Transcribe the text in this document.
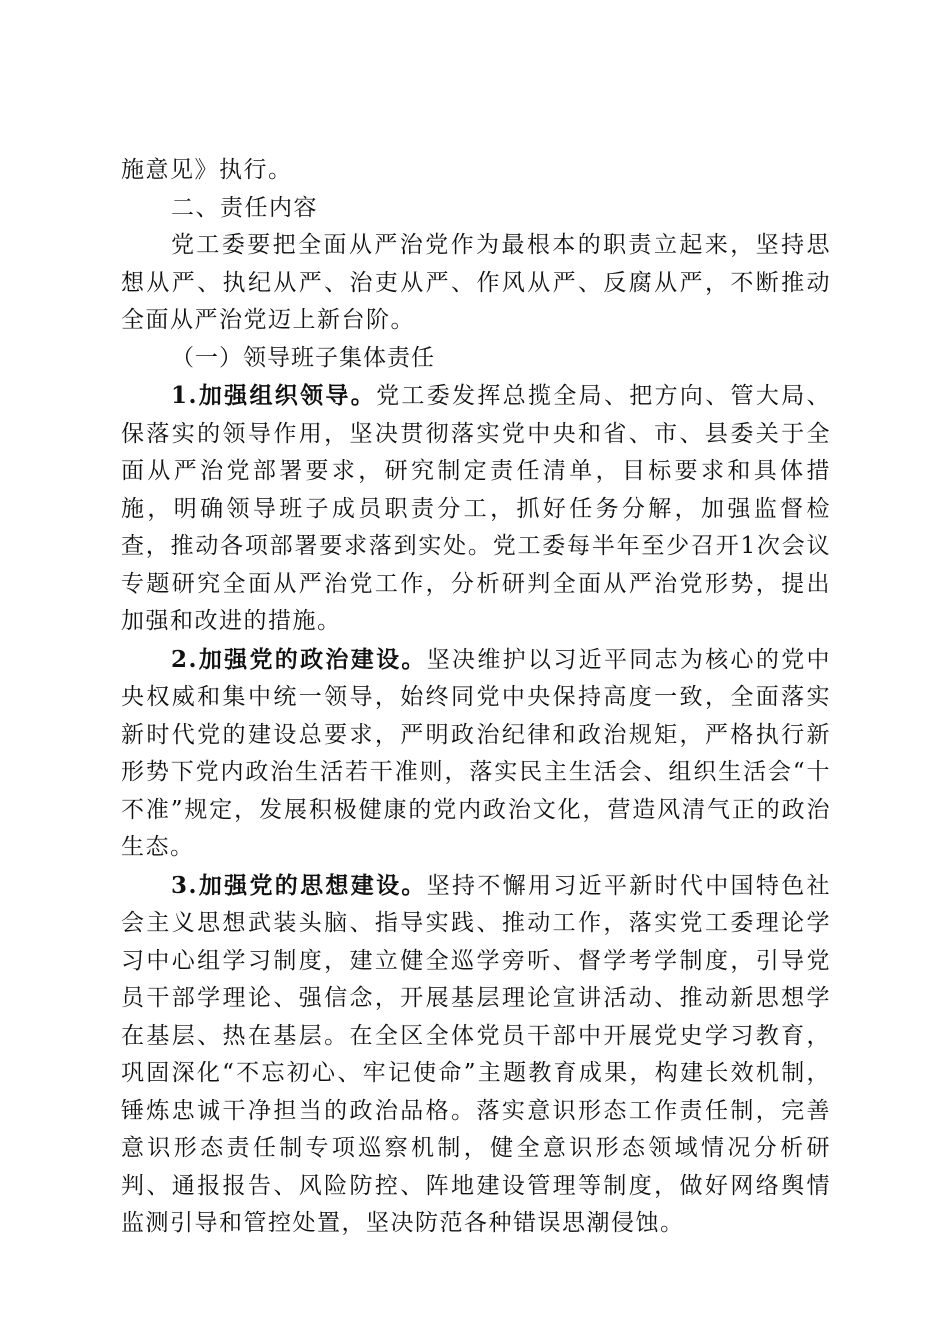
施意见》执行。

二、责任内容

党工委要把全面从严治党作为最根本的职责立起来，坚持思想从严、执纪从严、治吏从严、作风从严、反腐从严，不断推动全面从严治党迈上新台阶。

（一）领导班子集体责任

1.加强组织领导。党工委发挥总揽全局、把方向、管大局、保落实的领导作用，坚决贯彻落实党中央和省、市、县委关于全面从严治党部署要求，研究制定责任清单，目标要求和具体措施，明确领导班子成员职责分工，抓好任务分解，加强监督检查，推动各项部署要求落到实处。党工委每半年至少召开1次会议专题研究全面从严治党工作，分析研判全面从严治党形势，提出加强和改进的措施。

2.加强党的政治建设。坚决维护以习近平同志为核心的党中央权威和集中统一领导，始终同党中央保持高度一致，全面落实新时代党的建设总要求，严明政治纪律和政治规矩，严格执行新形势下党内政治生活若干准则，落实民主生活会、组织生活会“十不准”规定，发展积极健康的党内政治文化，营造风清气正的政治生态。

3.加强党的思想建设。坚持不懈用习近平新时代中国特色社会主义思想武装头脑、指导实践、推动工作，落实党工委理论学习中心组学习制度，建立健全巡学旁听、督学考学制度，引导党员干部学理论、强信念，开展基层理论宣讲活动、推动新思想学在基层、热在基层。在全区全体党员干部中开展党史学习教育，巩固深化“不忘初心、牢记使命”主题教育成果，构建长效机制，锤炼忠诚干净担当的政治品格。落实意识形态工作责任制，完善意识形态责任制专项巡察机制，健全意识形态领域情况分析研判、通报报告、风险防控、阵地建设管理等制度，做好网络舆情监测引导和管控处置，坚决防范各种错误思潮侵蚀。
